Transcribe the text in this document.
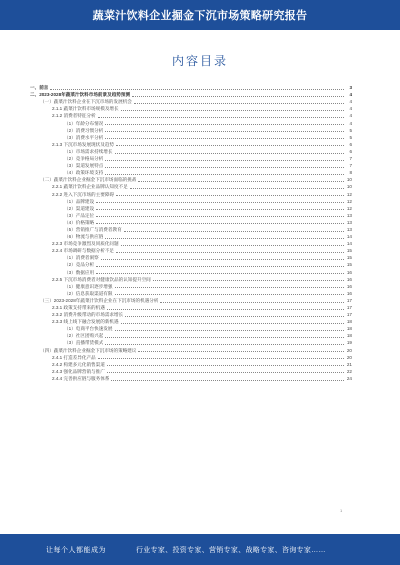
蔬菜汁饮料企业掘金下沉市场策略研究报告
内容目录
一、前言	3
二、2023-2028年蔬菜汁饮料市场前景及趋势预测	4
（一）蔬菜汁饮料企业在下沉市场的发展机会	4
2.1.1 蔬菜汁饮料市场规模及增长	4
2.1.2 消费者特征分析	4
（1）年龄分布情况	4
（2）消费习惯分析	5
（3）消费水平分析	5
2.1.3 下沉市场发展现状及趋势	6
（1）市场需求持续增长	6
（2）竞争格局分析	7
（3）渠道发展特点	7
（4）政策环境支持	8
（二）蔬菜汁饮料企业掘金下沉市场面临的挑战	10
2.2.1 蔬菜汁饮料企业品牌认知度不足	10
2.2.2 进入下沉市场的主要障碍	12
（1）品牌建设	12
（2）渠道建设	12
（3）产品定位	13
（4）价格策略	13
（5）营销推广与消费者教育	13
（6）物流与供应链	14
2.2.3 市场竞争激烈及同质化问题	14
2.2.4 市场调研与数据分析不足	15
（1）消费者洞察	15
（2）竞品分析	15
（3）数据应用	16
2.2.5 下沉市场消费者对健康饮品的认知提升空间	16
（1）健康意识逐步增强	16
（2）信息获取渠道有限	16
（三）2023-2028年蔬菜汁饮料企业在下沉市场的机遇分析	17
2.3.1 政策支持带来的机遇	17
2.3.2 消费升级带动的市场需求增长	17
2.3.3 线上线下融合发展的新机遇	18
（1）电商平台快速发展	18
（2）社区团购兴起	18
（3）直播带货模式	19
（四）蔬菜汁饮料企业掘金下沉市场的策略建议	20
2.4.1 打造差异化产品	20
2.4.2 构建多元化销售渠道	21
2.4.3 强化品牌营销与推广	22
2.4.4 完善供应链与服务体系	24
1
让每个人都能成为	行业专家、投资专家、营销专家、战略专家、咨询专家……
